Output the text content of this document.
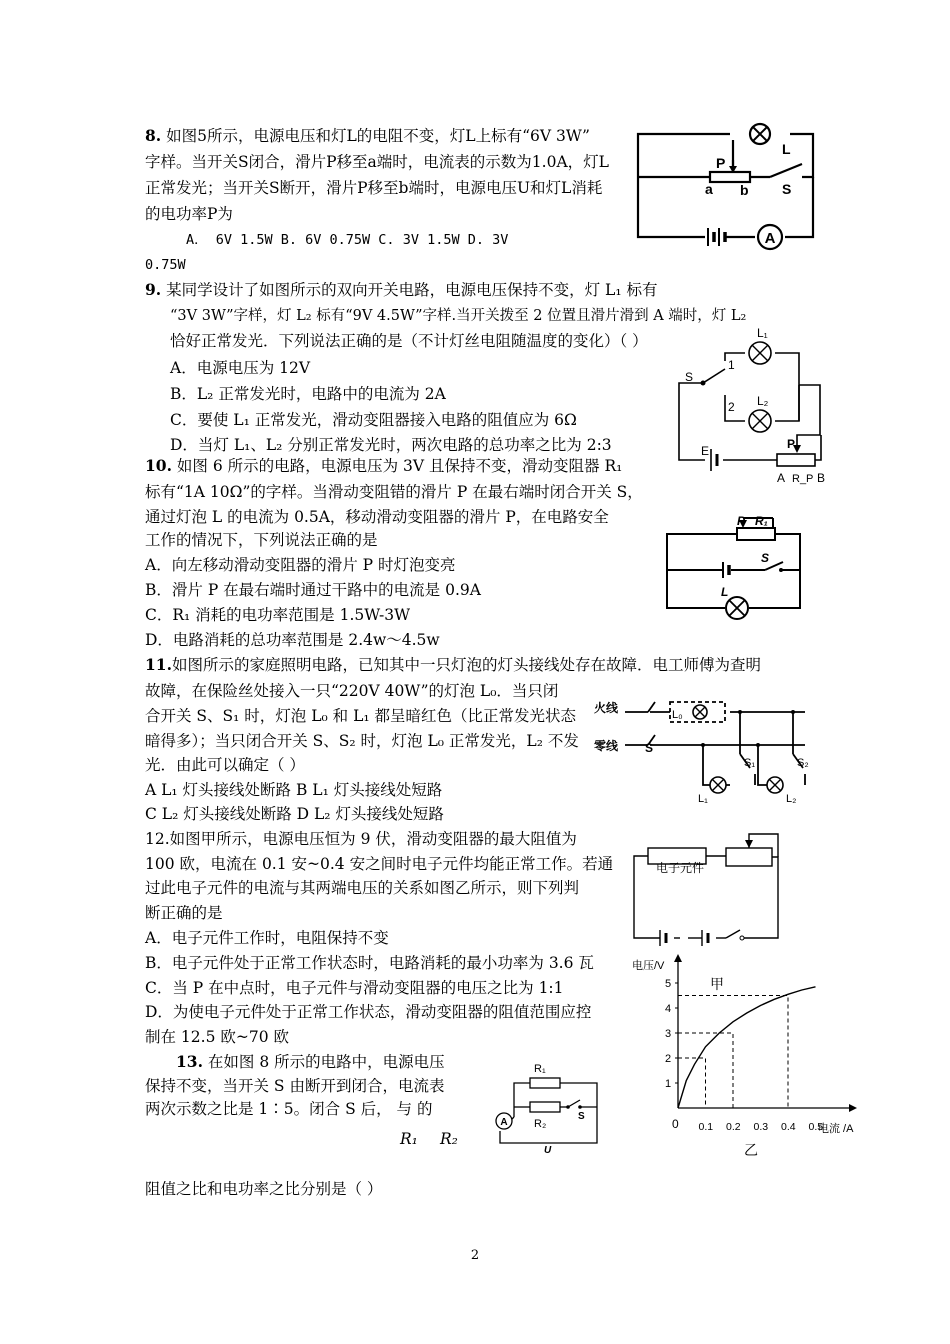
8. 如图5所示，电源电压和灯L的电阻不变，灯L上标有“6V 3W”
字样。当开关S闭合，滑片P移至a端时，电流表的示数为1.0A，灯L
正常发光；当开关S断开，滑片P移至b端时，电源电压U和灯L消耗
的电功率P为
A． 6V 1.5W B. 6V 0.75W C. 3V 1.5W D. 3V
0.75W
A
P
L
a b S
9. 某同学设计了如图所示的双向开关电路，电源电压保持不变，灯 L₁ 标有
“3V 3W”字样，灯 L₂ 标有“9V 4.5W”字样.当开关拨至 2 位置且滑片滑到 A 端时，灯 L₂
恰好正常发光．下列说法正确的是（不计灯丝电阻随温度的变化）（ ）
A．电源电压为 12V
B．L₂ 正常发光时，电路中的电流为 2A
C．要使 L₁ 正常发光，滑动变阻器接入电路的阻值应为 6Ω
D．当灯 L₁、L₂ 分别正常发光时，两次电路的总功率之比为 2:3
L₁
L₂
1
2
S
E	P
A R_P B
10. 如图 6 所示的电路，电源电压为 3V 且保持不变，滑动变阻器 R₁
标有“1A 10Ω”的字样。当滑动变阻错的滑片 P 在最右端时闭合开关 S，
通过灯泡 L 的电流为 0.5A，移动滑动变阻器的滑片 P，在电路安全
工作的情况下，下列说法正确的是
A．向左移动滑动变阻器的滑片 P 时灯泡变亮
B．滑片 P 在最右端时通过干路中的电流是 0.9A
C．R₁ 消耗的电功率范围是 1.5W-3W
D．电路消耗的总功率范围是 2.4w～4.5w
P R₁
S
L
11.如图所示的家庭照明电路，已知其中一只灯泡的灯头接线处存在故障．电工师傅为查明
故障，在保险丝处接入一只“220V 40W”的灯泡 L₀．当只闭
合开关 S、S₁ 时，灯泡 L₀ 和 L₁ 都呈暗红色（比正常发光状态
暗得多）；当只闭合开关 S、S₂ 时，灯泡 L₀ 正常发光，L₂ 不发
光．由此可以确定（ ）
A L₁ 灯头接线处断路 B L₁ 灯头接线处短路
C L₂ 灯头接线处断路 D L₂ 灯头接线处短路
火线
零线 S
L₀
S₁	S₂
L₁	L₂
12.如图甲所示，电源电压恒为 9 伏，滑动变阻器的最大阻值为
100 欧，电流在 0.1 安~0.4 安之间时电子元件均能正常工作。若通
过此电子元件的电流与其两端电压的关系如图乙所示，则下列判
断正确的是
A．电子元件工作时，电阻保持不变
B．电子元件处于正常工作状态时，电路消耗的最小功率为 3.6 瓦
C．当 P 在中点时，电子元件与滑动变阻器的电压之比为 1:1
D．为使电子元件处于正常工作状态，滑动变阻器的阻值范围应控
制在 12.5 欧~70 欧
电子元件
0 0.1 0.2 0.3 0.4 0.5
1
2
3
4
5
电压/V
电流 /A
甲
乙
13. 在如图 8 所示的电路中，电源电压
保持不变，当开关 S 由断开到闭合，电流表
两次示数之比是 1∶5。闭合 S 后， 与 的
R₁ R₂
阻值之比和电功率之比分别是（ ）
A
R₁
R₂
S
U
2
